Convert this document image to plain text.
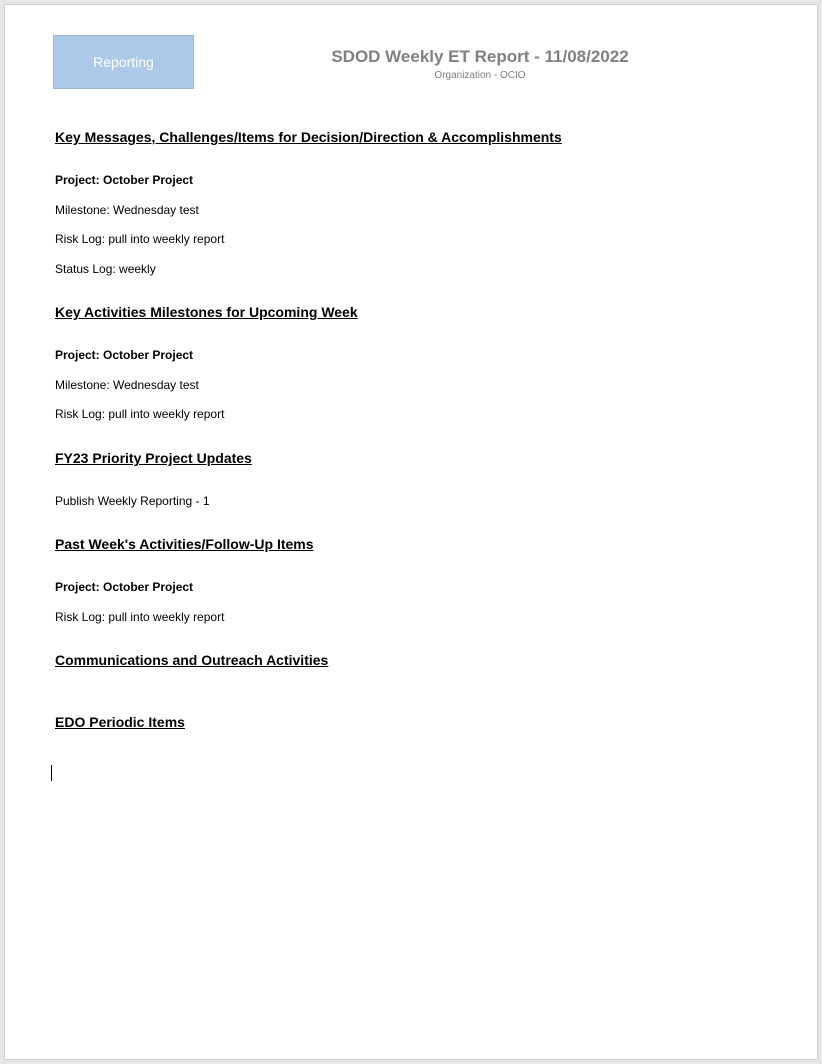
Reporting	SDOD Weekly ET Report - 11/08/2022
Organization - OCIO
Key Messages, Challenges/Items for Decision/Direction & Accomplishments
Project: October Project
Milestone: Wednesday test
Risk Log: pull into weekly report
Status Log: weekly
Key Activities Milestones for Upcoming Week
Project: October Project
Milestone: Wednesday test
Risk Log: pull into weekly report
FY23 Priority Project Updates
Publish Weekly Reporting - 1
Past Week's Activities/Follow-Up Items
Project: October Project
Risk Log: pull into weekly report
Communications and Outreach Activities
EDO Periodic Items
